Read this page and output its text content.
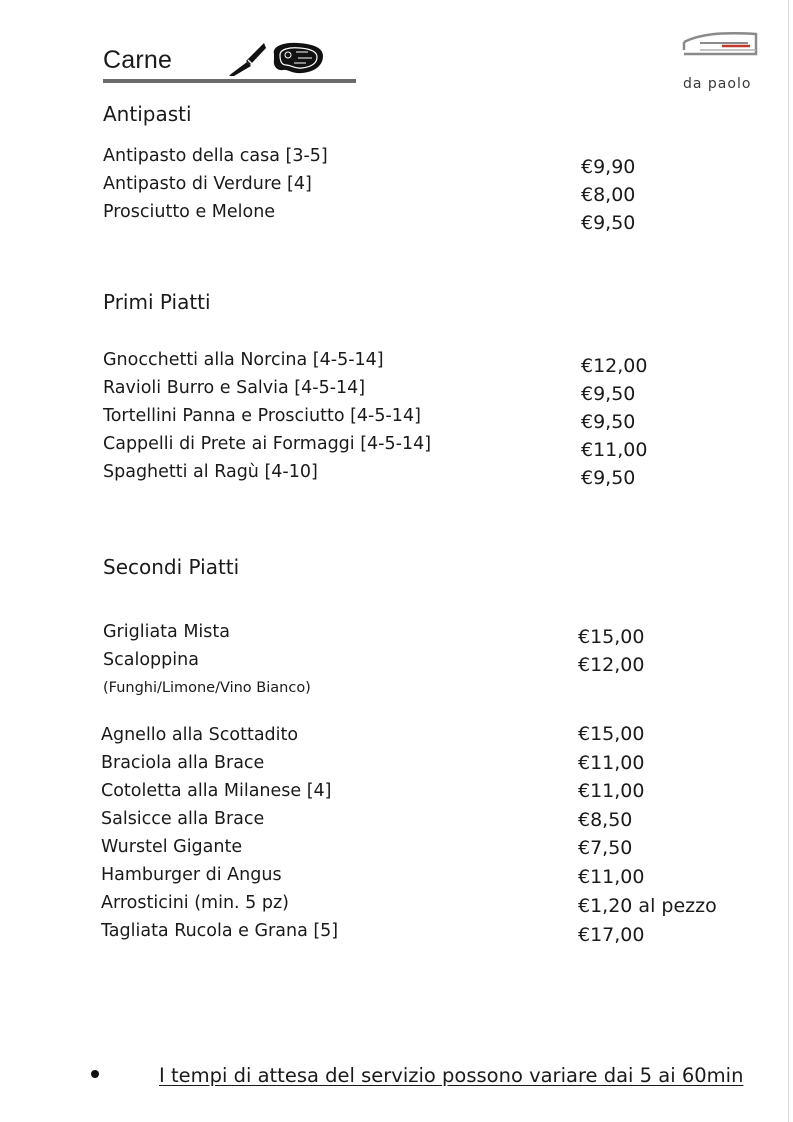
Carne
da paolo
Antipasti
Antipasto della casa [3-5]
Antipasto di Verdure [4]
Prosciutto e Melone
€9,90
€8,00
€9,50
Primi Piatti
Gnocchetti alla Norcina [4-5-14]
Ravioli Burro e Salvia [4-5-14]
Tortellini Panna e Prosciutto [4-5-14]
Cappelli di Prete ai Formaggi [4-5-14]
Spaghetti al Ragù [4-10]
€12,00
€9,50
€9,50
€11,00
€9,50
Secondi Piatti
Grigliata Mista
Scaloppina
(Funghi/Limone/Vino Bianco)
€15,00
€12,00
Agnello alla Scottadito
Braciola alla Brace
Cotoletta alla Milanese [4]
Salsicce alla Brace
Wurstel Gigante
Hamburger di Angus
Arrosticini (min. 5 pz)
Tagliata Rucola e Grana [5]
€15,00
€11,00
€11,00
€8,50
€7,50
€11,00
€1,20 al pezzo
€17,00
I tempi di attesa del servizio possono variare dai 5 ai 60min
